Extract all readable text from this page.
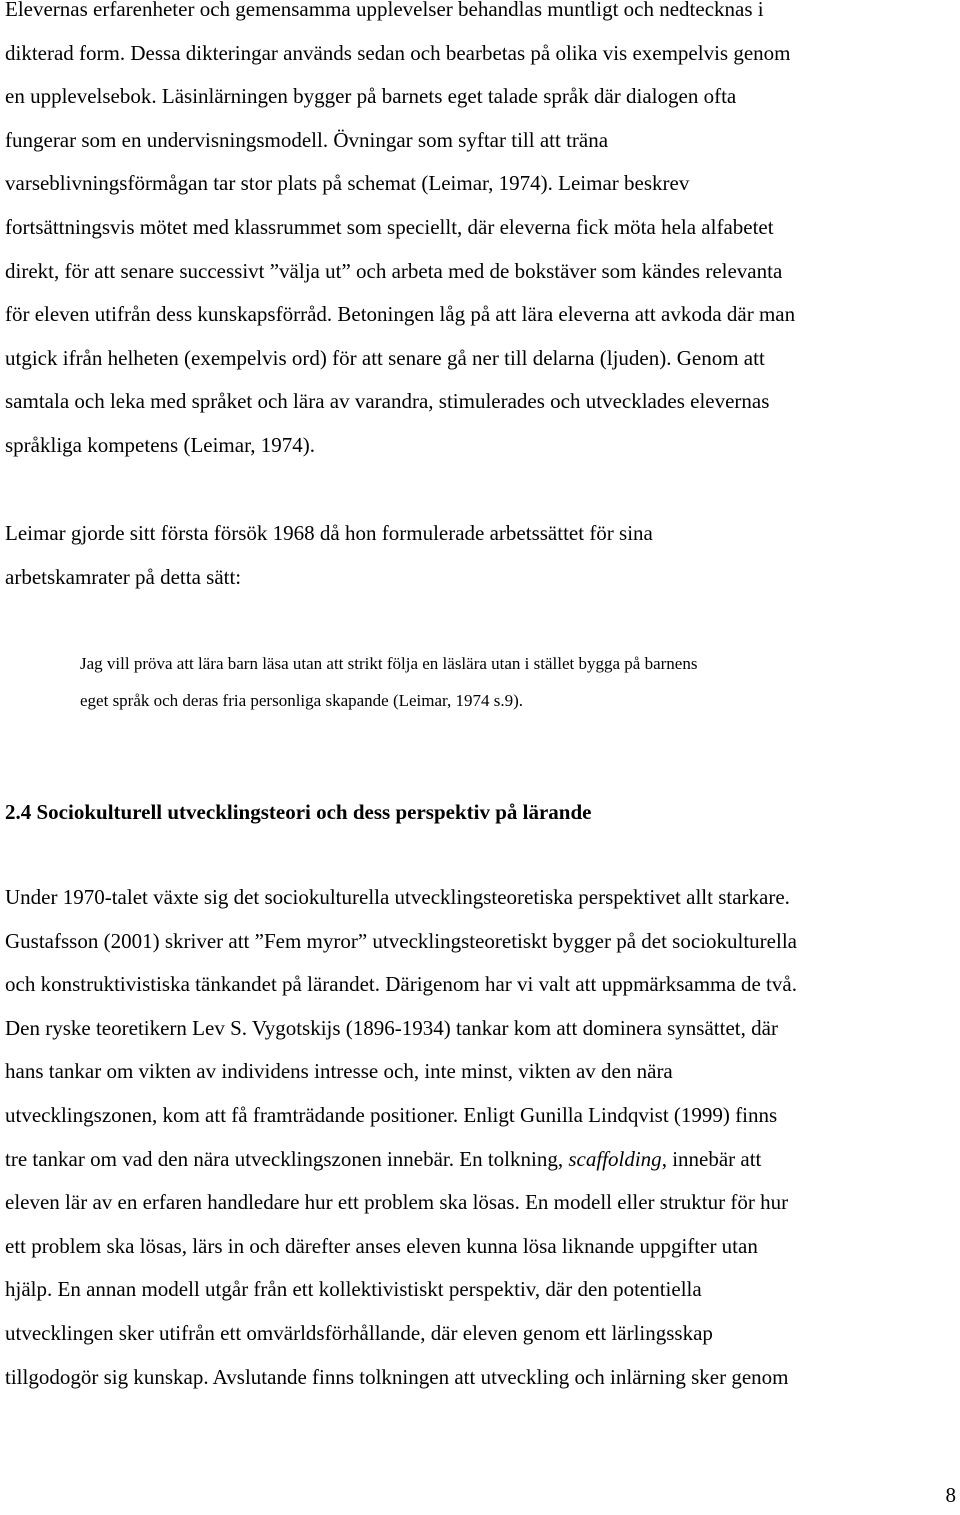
Elevernas erfarenheter och gemensamma upplevelser behandlas muntligt och nedtecknas i
dikterad form. Dessa dikteringar används sedan och bearbetas på olika vis exempelvis genom
en upplevelsebok. Läsinlärningen bygger på barnets eget talade språk där dialogen ofta
fungerar som en undervisningsmodell. Övningar som syftar till att träna
varseblivningsförmågan tar stor plats på schemat (Leimar, 1974). Leimar beskrev
fortsättningsvis mötet med klassrummet som speciellt, där eleverna fick möta hela alfabetet
direkt, för att senare successivt ”välja ut” och arbeta med de bokstäver som kändes relevanta
för eleven utifrån dess kunskapsförråd. Betoningen låg på att lära eleverna att avkoda där man
utgick ifrån helheten (exempelvis ord) för att senare gå ner till delarna (ljuden). Genom att
samtala och leka med språket och lära av varandra, stimulerades och utvecklades elevernas
språkliga kompetens (Leimar, 1974).

Leimar gjorde sitt första försök 1968 då hon formulerade arbetssättet för sina
arbetskamrater på detta sätt:

Jag vill pröva att lära barn läsa utan att strikt följa en läslära utan i stället bygga på barnens
eget språk och deras fria personliga skapande (Leimar, 1974 s.9).

2.4 Sociokulturell utvecklingsteori och dess perspektiv på lärande

Under 1970-talet växte sig det sociokulturella utvecklingsteoretiska perspektivet allt starkare.
Gustafsson (2001) skriver att ”Fem myror” utvecklingsteoretiskt bygger på det sociokulturella
och konstruktivistiska tänkandet på lärandet. Därigenom har vi valt att uppmärksamma de två.
Den ryske teoretikern Lev S. Vygotskijs (1896-1934) tankar kom att dominera synsättet, där
hans tankar om vikten av individens intresse och, inte minst, vikten av den nära
utvecklingszonen, kom att få framträdande positioner. Enligt Gunilla Lindqvist (1999) finns
tre tankar om vad den nära utvecklingszonen innebär. En tolkning, scaffolding, innebär att
eleven lär av en erfaren handledare hur ett problem ska lösas. En modell eller struktur för hur
ett problem ska lösas, lärs in och därefter anses eleven kunna lösa liknande uppgifter utan
hjälp. En annan modell utgår från ett kollektivistiskt perspektiv, där den potentiella
utvecklingen sker utifrån ett omvärldsförhållande, där eleven genom ett lärlingsskap
tillgodogör sig kunskap. Avslutande finns tolkningen att utveckling och inlärning sker genom

8
